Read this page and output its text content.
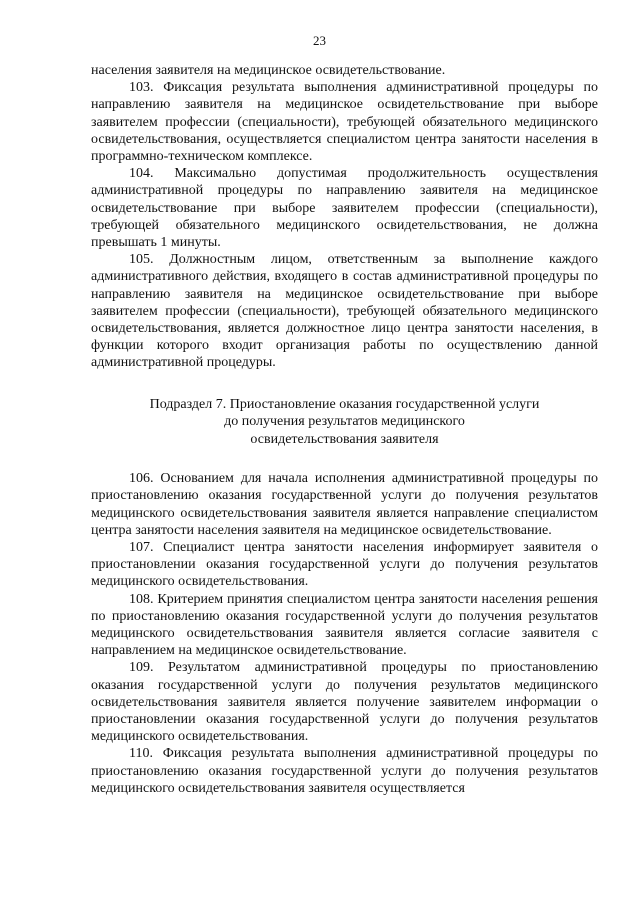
23

населения заявителя на медицинское освидетельствование.

103. Фиксация результата выполнения административной процедуры по направлению заявителя на медицинское освидетельствование при выборе заявителем профессии (специальности), требующей обязательного медицинского освидетельствования, осуществляется специалистом центра занятости населения в программно-техническом комплексе.

104. Максимально допустимая продолжительность осуществления административной процедуры по направлению заявителя на медицинское освидетельствование при выборе заявителем профессии (специальности), требующей обязательного медицинского освидетельствования, не должна превышать 1 минуты.

105. Должностным лицом, ответственным за выполнение каждого административного действия, входящего в состав административной процедуры по направлению заявителя на медицинское освидетельствование при выборе заявителем профессии (специальности), требующей обязательного медицинского освидетельствования, является должностное лицо центра занятости населения, в функции которого входит организация работы по осуществлению данной административной процедуры.

Подраздел 7. Приостановление оказания государственной услуги
до получения результатов медицинского
освидетельствования заявителя

106. Основанием для начала исполнения административной процедуры по приостановлению оказания государственной услуги до получения результатов медицинского освидетельствования заявителя является направление специалистом центра занятости населения заявителя на медицинское освидетельствование.

107. Специалист центра занятости населения информирует заявителя о приостановлении оказания государственной услуги до получения результатов медицинского освидетельствования.

108. Критерием принятия специалистом центра занятости населения решения по приостановлению оказания государственной услуги до получения результатов медицинского освидетельствования заявителя является согласие заявителя с направлением на медицинское освидетельствование.

109. Результатом административной процедуры по приостановлению оказания государственной услуги до получения результатов медицинского освидетельствования заявителя является получение заявителем информации о приостановлении оказания государственной услуги до получения результатов медицинского освидетельствования.

110. Фиксация результата выполнения административной процедуры по приостановлению оказания государственной услуги до получения результатов медицинского освидетельствования заявителя осуществляется
